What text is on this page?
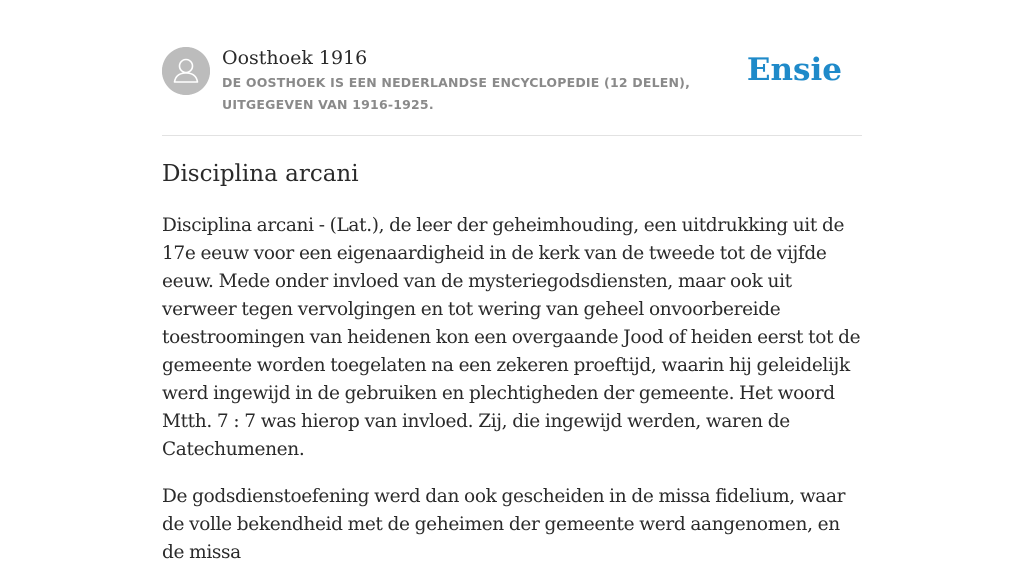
Oosthoek 1916
DE OOSTHOEK IS EEN NEDERLANDSE ENCYCLOPEDIE (12 DELEN), UITGEGEVEN VAN 1916-1925.
Ensie
Disciplina arcani

Disciplina arcani - (Lat.), de leer der geheimhouding, een uitdrukking uit de 17e eeuw voor een eigenaardigheid in de kerk van de tweede tot de vijfde eeuw. Mede onder invloed van de mysteriegodsdiensten, maar ook uit verweer tegen vervolgingen en tot wering van geheel onvoorbereide toestroomingen van heidenen kon een overgaande Jood of heiden eerst tot de gemeente worden toegelaten na een zekeren proeftijd, waarin hij geleidelijk werd ingewijd in de gebruiken en plechtigheden der gemeente. Het woord Mtth. 7 : 7 was hierop van invloed. Zij, die ingewijd werden, waren de Catechumenen.

De godsdienstoefening werd dan ook gescheiden in de missa fidelium, waar de volle bekendheid met de geheimen der gemeente werd aangenomen, en de missa
